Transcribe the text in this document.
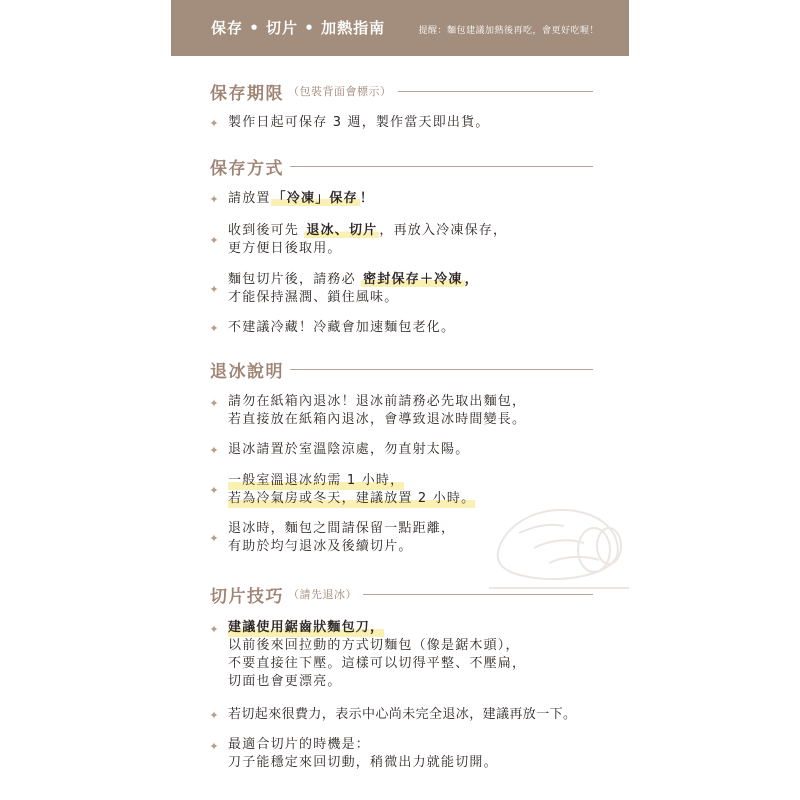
保存 • 切片 • 加熱指南	提醒：麵包建議加熱後再吃，會更好吃喔！
保存期限 （包裝背面會標示）
✦ 製作日起可保存 3 週，製作當天即出貨。
保存方式
✦ 請放置 「冷凍」保存 ！
✦
收到後可先 退冰、切片 ，再放入冷凍保存，
更方便日後取用。
✦
麵包切片後，請務必 密封保存＋冷凍 ，
才能保持濕潤、鎖住風味。
✦ 不建議冷藏！冷藏會加速麵包老化。
退冰說明
✦ 請勿在紙箱內退冰！退冰前請務必先取出麵包，
若直接放在紙箱內退冰，會導致退冰時間變長。
✦ 退冰請置於室溫陰涼處，勿直射太陽。
✦
一般室溫退冰約需 1 小時，
若為冷氣房或冬天，建議放置 2 小時。
✦
退冰時，麵包之間請保留一點距離，
有助於均勻退冰及後續切片。
切片技巧 （請先退冰）
✦ 建議使用鋸齒狀麵包刀，
以前後來回拉動的方式切麵包（像是鋸木頭），
不要直接往下壓。這樣可以切得平整、不壓扁，
切面也會更漂亮。
✦ 若切起來很費力，表示中心尚未完全退冰，建議再放一下。
✦ 最適合切片的時機是：
刀子能穩定來回切動，稍微出力就能切開。
